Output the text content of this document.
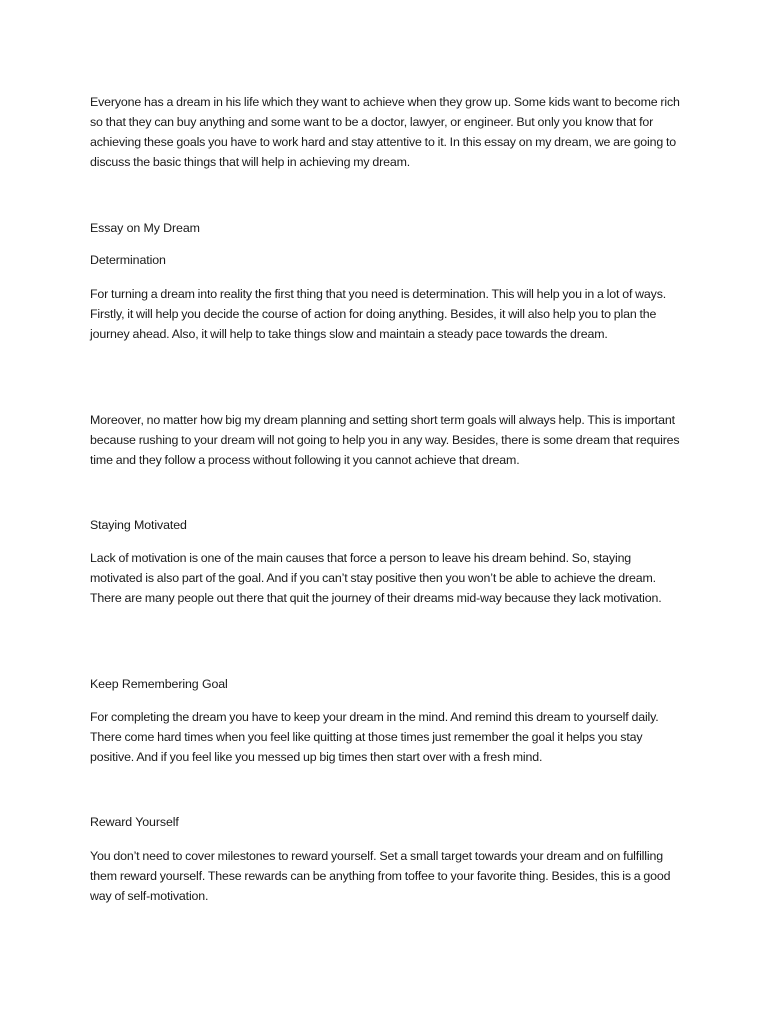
Everyone has a dream in his life which they want to achieve when they grow up. Some kids want to become rich so that they can buy anything and some want to be a doctor, lawyer, or engineer. But only you know that for achieving these goals you have to work hard and stay attentive to it. In this essay on my dream, we are going to discuss the basic things that will help in achieving my dream.

Essay on My Dream

Determination

For turning a dream into reality the first thing that you need is determination. This will help you in a lot of ways. Firstly, it will help you decide the course of action for doing anything. Besides, it will also help you to plan the journey ahead. Also, it will help to take things slow and maintain a steady pace towards the dream.

Moreover, no matter how big my dream planning and setting short term goals will always help. This is important because rushing to your dream will not going to help you in any way. Besides, there is some dream that requires time and they follow a process without following it you cannot achieve that dream.

Staying Motivated

Lack of motivation is one of the main causes that force a person to leave his dream behind. So, staying motivated is also part of the goal. And if you can’t stay positive then you won’t be able to achieve the dream. There are many people out there that quit the journey of their dreams mid-way because they lack motivation.

Keep Remembering Goal

For completing the dream you have to keep your dream in the mind. And remind this dream to yourself daily. There come hard times when you feel like quitting at those times just remember the goal it helps you stay positive. And if you feel like you messed up big times then start over with a fresh mind.

Reward Yourself

You don’t need to cover milestones to reward yourself. Set a small target towards your dream and on fulfilling them reward yourself. These rewards can be anything from toffee to your favorite thing. Besides, this is a good way of self-motivation.
